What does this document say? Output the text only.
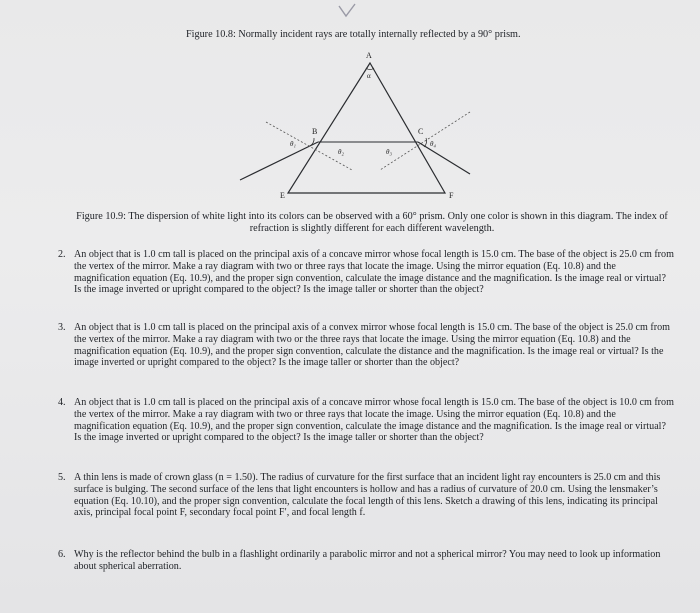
Figure 10.8: Normally incident rays are totally internally reflected by a 90° prism.
A
α
B	C
E	F
θ₁
θ₂	θ₃
θ₄
Figure 10.9: The dispersion of white light into its colors can be observed with a 60° prism. Only one color is shown in this diagram. The index of refraction is slightly different for each different wavelength.
2. An object that is 1.0 cm tall is placed on the principal axis of a concave mirror whose focal length is 15.0 cm. The base of the object is 25.0 cm from the vertex of the mirror. Make a ray diagram with two or three rays that locate the image. Using the mirror equation (Eq. 10.8) and the magnification equation (Eq. 10.9), and the proper sign convention, calculate the image distance and the magnification. Is the image real or virtual? Is the image inverted or upright compared to the object? Is the image taller or shorter than the object?
3. An object that is 1.0 cm tall is placed on the principal axis of a convex mirror whose focal length is 15.0 cm. The base of the object is 25.0 cm from the vertex of the mirror. Make a ray diagram with two or the three rays that locate the image. Using the mirror equation (Eq. 10.8) and the magnification equation (Eq. 10.9), and the proper sign convention, calculate the distance and the magnification. Is the image real or virtual? Is the image inverted or upright compared to the object? Is the image taller or shorter than the object?
4. An object that is 1.0 cm tall is placed on the principal axis of a concave mirror whose focal length is 15.0 cm. The base of the object is 10.0 cm from the vertex of the mirror. Make a ray diagram with two or three rays that locate the image. Using the mirror equation (Eq. 10.8) and the magnification equation (Eq. 10.9), and the proper sign convention, calculate the image distance and the magnification. Is the image real or virtual? Is the image inverted or upright compared to the object? Is the image taller or shorter than the object?
5. A thin lens is made of crown glass (n = 1.50). The radius of curvature for the first surface that an incident light ray encounters is 25.0 cm and this surface is bulging. The second surface of the lens that light encounters is hollow and has a radius of curvature of 20.0 cm. Using the lensmaker’s equation (Eq. 10.10), and the proper sign convention, calculate the focal length of this lens. Sketch a drawing of this lens, indicating its principal axis, principal focal point F, secondary focal point F′, and focal length f.
6. Why is the reflector behind the bulb in a flashlight ordinarily a parabolic mirror and not a spherical mirror? You may need to look up information about spherical aberration.
